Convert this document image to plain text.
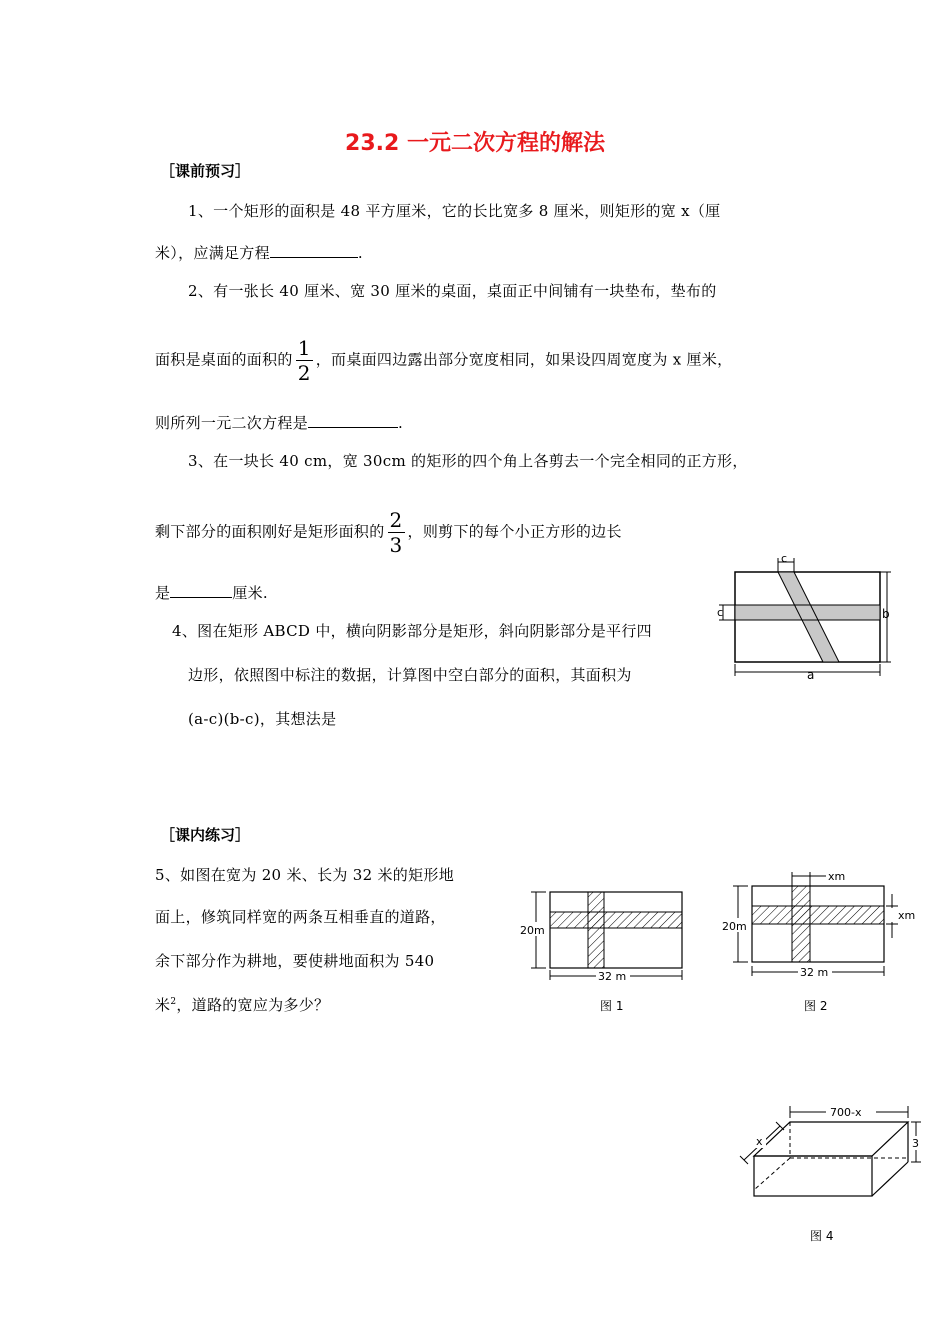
23.2 一元二次方程的解法
［课前预习］
1、一个矩形的面积是 48 平方厘米，它的长比宽多 8 厘米，则矩形的宽 x（厘
米），应满足方程	.
2、有一张长 40 厘米、宽 30 厘米的桌面，桌面正中间铺有一块垫布，垫布的
面积是桌面的面积的 $\frac{1}{2}$ ，而桌面四边露出部分宽度相同，如果设四周宽度为 x 厘米，
则所列一元二次方程是	.
3、在一块长 40 cm，宽 30cm 的矩形的四个角上各剪去一个完全相同的正方形，
剩下部分的面积刚好是矩形面积的 $\frac{2}{3}$ ，则剪下的每个小正方形的边长
是	厘米.
4、图在矩形 ABCD 中，横向阴影部分是矩形，斜向阴影部分是平行四
边形，依照图中标注的数据，计算图中空白部分的面积，其面积为
(a-c)(b-c)，其想法是
c
c	b
a
［课内练习］
5、如图在宽为 20 米、长为 32 米的矩形地
面上，修筑同样宽的两条互相垂直的道路，
余下部分作为耕地，要使耕地面积为 540
米$^2$，道路的宽应为多少？
20m
32 m
图 1
xm
20m
xm
32 m
图 2
700-x
x	3
图 4
